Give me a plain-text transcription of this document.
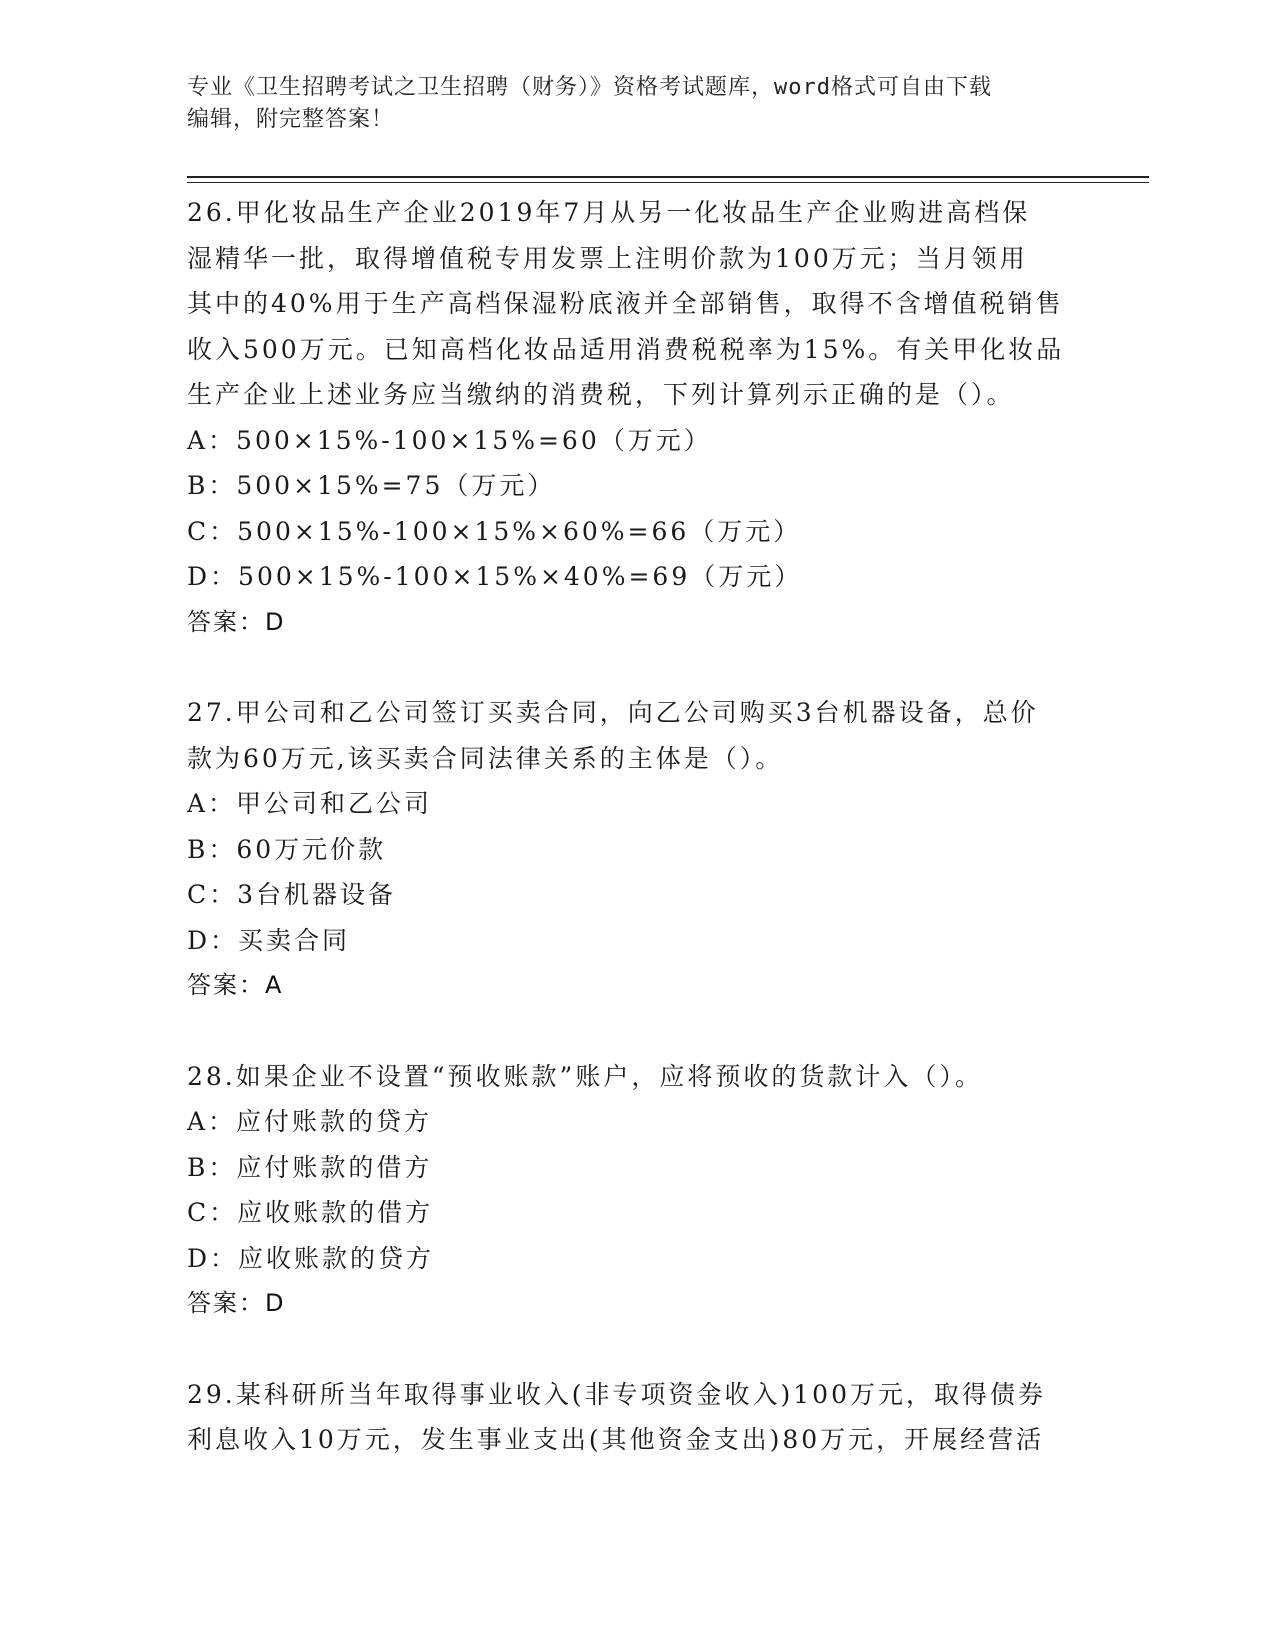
专业《卫生招聘考试之卫生招聘（财务）》资格考试题库，word格式可自由下载
编辑，附完整答案！
26.甲化妆品生产企业2019年7月从另一化妆品生产企业购进高档保
湿精华一批，取得增值税专用发票上注明价款为100万元；当月领用
其中的40%用于生产高档保湿粉底液并全部销售，取得不含增值税销售
收入500万元。已知高档化妆品适用消费税税率为15%。有关甲化妆品
生产企业上述业务应当缴纳的消费税，下列计算列示正确的是（）。
A：500×15%-100×15%=60（万元）
B：500×15%=75（万元）
C：500×15%-100×15%×60%=66（万元）
D：500×15%-100×15%×40%=69（万元）
答案：D
27.甲公司和乙公司签订买卖合同，向乙公司购买3台机器设备，总价
款为60万元,该买卖合同法律关系的主体是（）。
A：甲公司和乙公司
B：60万元价款
C：3台机器设备
D：买卖合同
答案：A
28.如果企业不设置“预收账款”账户，应将预收的货款计入（）。
A：应付账款的贷方
B：应付账款的借方
C：应收账款的借方
D：应收账款的贷方
答案：D
29.某科研所当年取得事业收入(非专项资金收入)100万元，取得债券
利息收入10万元，发生事业支出(其他资金支出)80万元，开展经营活
